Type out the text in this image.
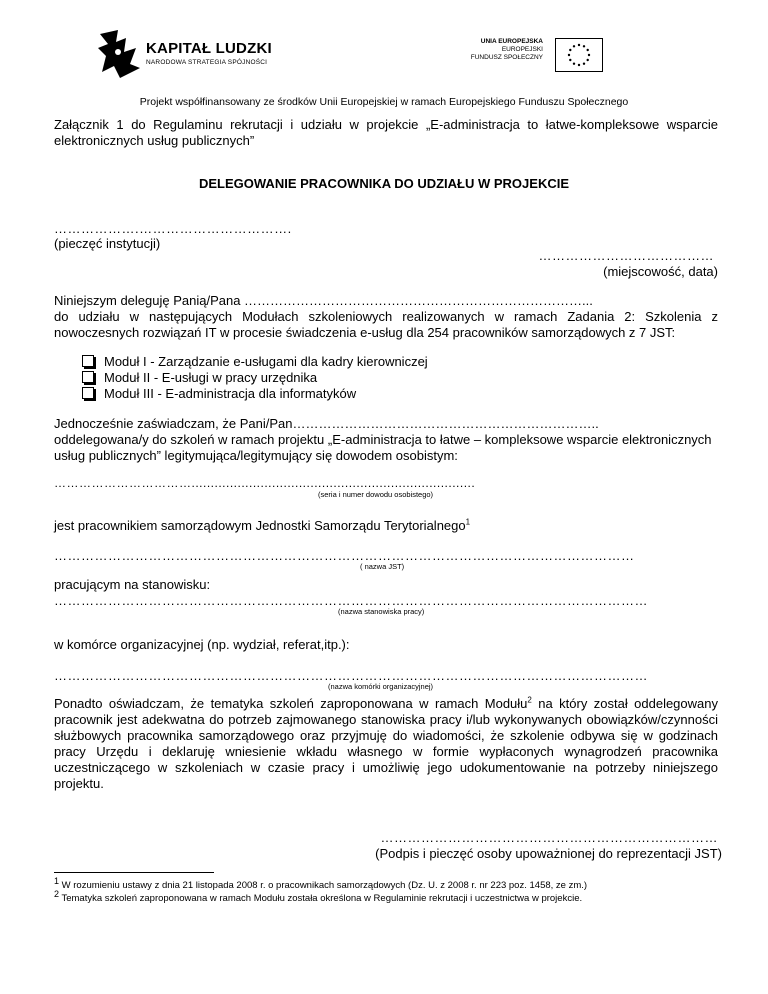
KAPITAŁ LUDZKI
NARODOWA STRATEGIA SPÓJNOŚCI
UNIA EUROPEJSKA
EUROPEJSKI
FUNDUSZ SPOŁECZNY
Projekt współfinansowany ze środków Unii Europejskiej w ramach Europejskiego Funduszu Społecznego
Załącznik 1 do Regulaminu rekrutacji i udziału w projekcie „E-administracja to łatwe-kompleksowe wsparcie elektronicznych usług publicznych”
DELEGOWANIE PRACOWNIKA DO UDZIAŁU W PROJEKCIE
……………….…………………………….
(pieczęć instytucji)
…………………………………
(miejscowość, data)
Niniejszym deleguję Panią/Pana ……………………………………………………………………...
do udziału w następujących Modułach szkoleniowych realizowanych w ramach Zadania 2: Szkolenia z nowoczesnych rozwiązań IT w procesie świadczenia e-usług dla 254 pracowników samorządowych z 7 JST:
Moduł I - Zarządzanie e-usługami dla kadry kierowniczej
Moduł II - E-usługi w pracy urzędnika
Moduł III - E-administracja dla informatyków
Jednocześnie zaświadczam, że Pani/Pan……………………………………………………………..
oddelegowana/y do szkoleń w ramach projektu „E-administracja to łatwe – kompleksowe wsparcie elektronicznych usług publicznych” legitymująca/legitymujący się dowodem osobistym:
……………………………..........................................................................
(seria i numer dowodu osobistego)
jest pracownikiem samorządowym Jednostki Samorządu Terytorialnego$^1$
…………………………………………………………………………………………………………………
( nazwa JST)
pracującym na stanowisku:
……………………………………………………………………………………………………………………
(nazwa stanowiska pracy)
w komórce organizacyjnej (np. wydział, referat,itp.):
……………………………………………………………………………………………………………………
(nazwa komórki organizacyjnej)
Ponadto oświadczam, że tematyka szkoleń zaproponowana w ramach Modułu$^2$ na który został oddelegowany pracownik jest adekwatna do potrzeb zajmowanego stanowiska pracy i/lub wykonywanych obowiązków/czynności służbowych pracownika samorządowego oraz przyjmuję do wiadomości, że szkolenie odbywa się w godzinach pracy Urzędu i deklaruję wniesienie wkładu własnego w formie wypłaconych wynagrodzeń pracownika uczestniczącego w szkoleniach w czasie pracy i umożliwię jego udokumentowanie na potrzeby niniejszego projektu.
…………………………………………………………………
(Podpis i pieczęć osoby upoważnionej do reprezentacji JST)
1 W rozumieniu ustawy z dnia 21 listopada 2008 r. o pracownikach samorządowych (Dz. U. z 2008 r. nr 223 poz. 1458, ze zm.)
2 Tematyka szkoleń zaproponowana w ramach Modułu została określona w Regulaminie rekrutacji i uczestnictwa w projekcie.
